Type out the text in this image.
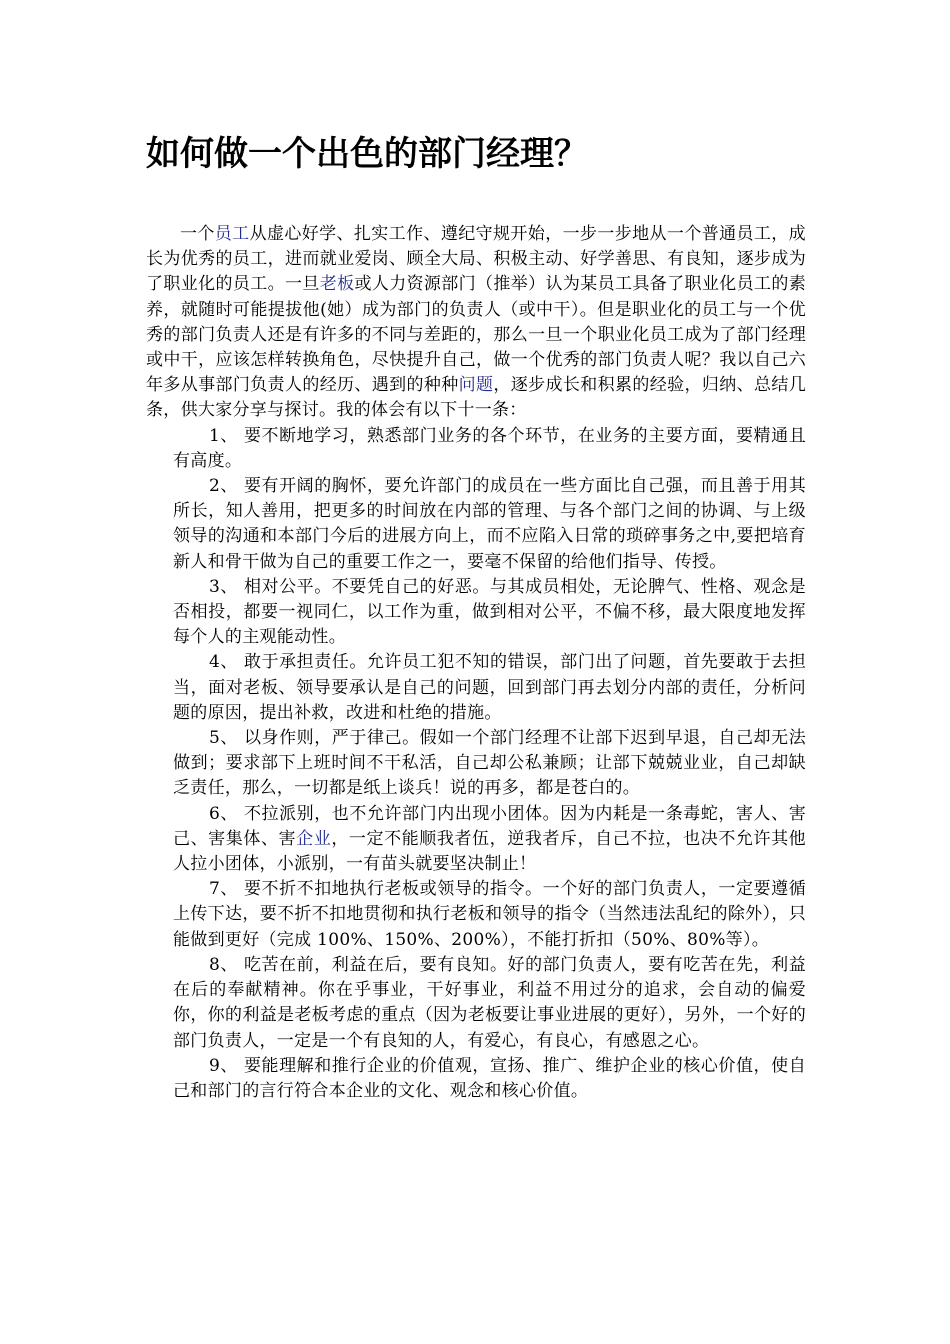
如何做一个出色的部门经理？

一个员工从虚心好学、扎实工作、遵纪守规开始，一步一步地从一个普通员工，成长为优秀的员工，进而就业爱岗、顾全大局、积极主动、好学善思、有良知，逐步成为了职业化的员工。一旦老板或人力资源部门（推举）认为某员工具备了职业化员工的素养，就随时可能提拔他(她）成为部门的负责人（或中干）。但是职业化的员工与一个优秀的部门负责人还是有许多的不同与差距的，那么一旦一个职业化员工成为了部门经理或中干，应该怎样转换角色，尽快提升自己，做一个优秀的部门负责人呢？我以自己六年多从事部门负责人的经历、遇到的种种问题，逐步成长和积累的经验，归纳、总结几条，供大家分享与探讨。我的体会有以下十一条：

1、 要不断地学习，熟悉部门业务的各个环节，在业务的主要方面，要精通且有高度。

2、 要有开阔的胸怀，要允许部门的成员在一些方面比自己强，而且善于用其所长，知人善用，把更多的时间放在内部的管理、与各个部门之间的协调、与上级领导的沟通和本部门今后的进展方向上，而不应陷入日常的琐碎事务之中,要把培育新人和骨干做为自己的重要工作之一，要毫不保留的给他们指导、传授。

3、 相对公平。不要凭自己的好恶。与其成员相处，无论脾气、性格、观念是否相投，都要一视同仁，以工作为重，做到相对公平，不偏不移，最大限度地发挥每个人的主观能动性。

4、 敢于承担责任。允许员工犯不知的错误，部门出了问题，首先要敢于去担当，面对老板、领导要承认是自己的问题，回到部门再去划分内部的责任，分析问题的原因，提出补救，改进和杜绝的措施。

5、 以身作则，严于律己。假如一个部门经理不让部下迟到早退，自己却无法做到；要求部下上班时间不干私活，自己却公私兼顾；让部下兢兢业业，自己却缺乏责任，那么，一切都是纸上谈兵！说的再多，都是苍白的。

6、 不拉派别，也不允许部门内出现小团体。因为内耗是一条毒蛇，害人、害己、害集体、害企业，一定不能顺我者伍，逆我者斥，自己不拉，也决不允许其他人拉小团体，小派别，一有苗头就要坚决制止！

7、 要不折不扣地执行老板或领导的指令。一个好的部门负责人，一定要遵循上传下达，要不折不扣地贯彻和执行老板和领导的指令（当然违法乱纪的除外），只能做到更好（完成 100%、150%、200%），不能打折扣（50%、80%等）。

8、 吃苦在前，利益在后，要有良知。好的部门负责人，要有吃苦在先，利益在后的奉献精神。你在乎事业，干好事业，利益不用过分的追求，会自动的偏爱你，你的利益是老板考虑的重点（因为老板要让事业进展的更好），另外，一个好的部门负责人，一定是一个有良知的人，有爱心，有良心，有感恩之心。

9、 要能理解和推行企业的价值观，宣扬、推广、维护企业的核心价值，使自己和部门的言行符合本企业的文化、观念和核心价值。
